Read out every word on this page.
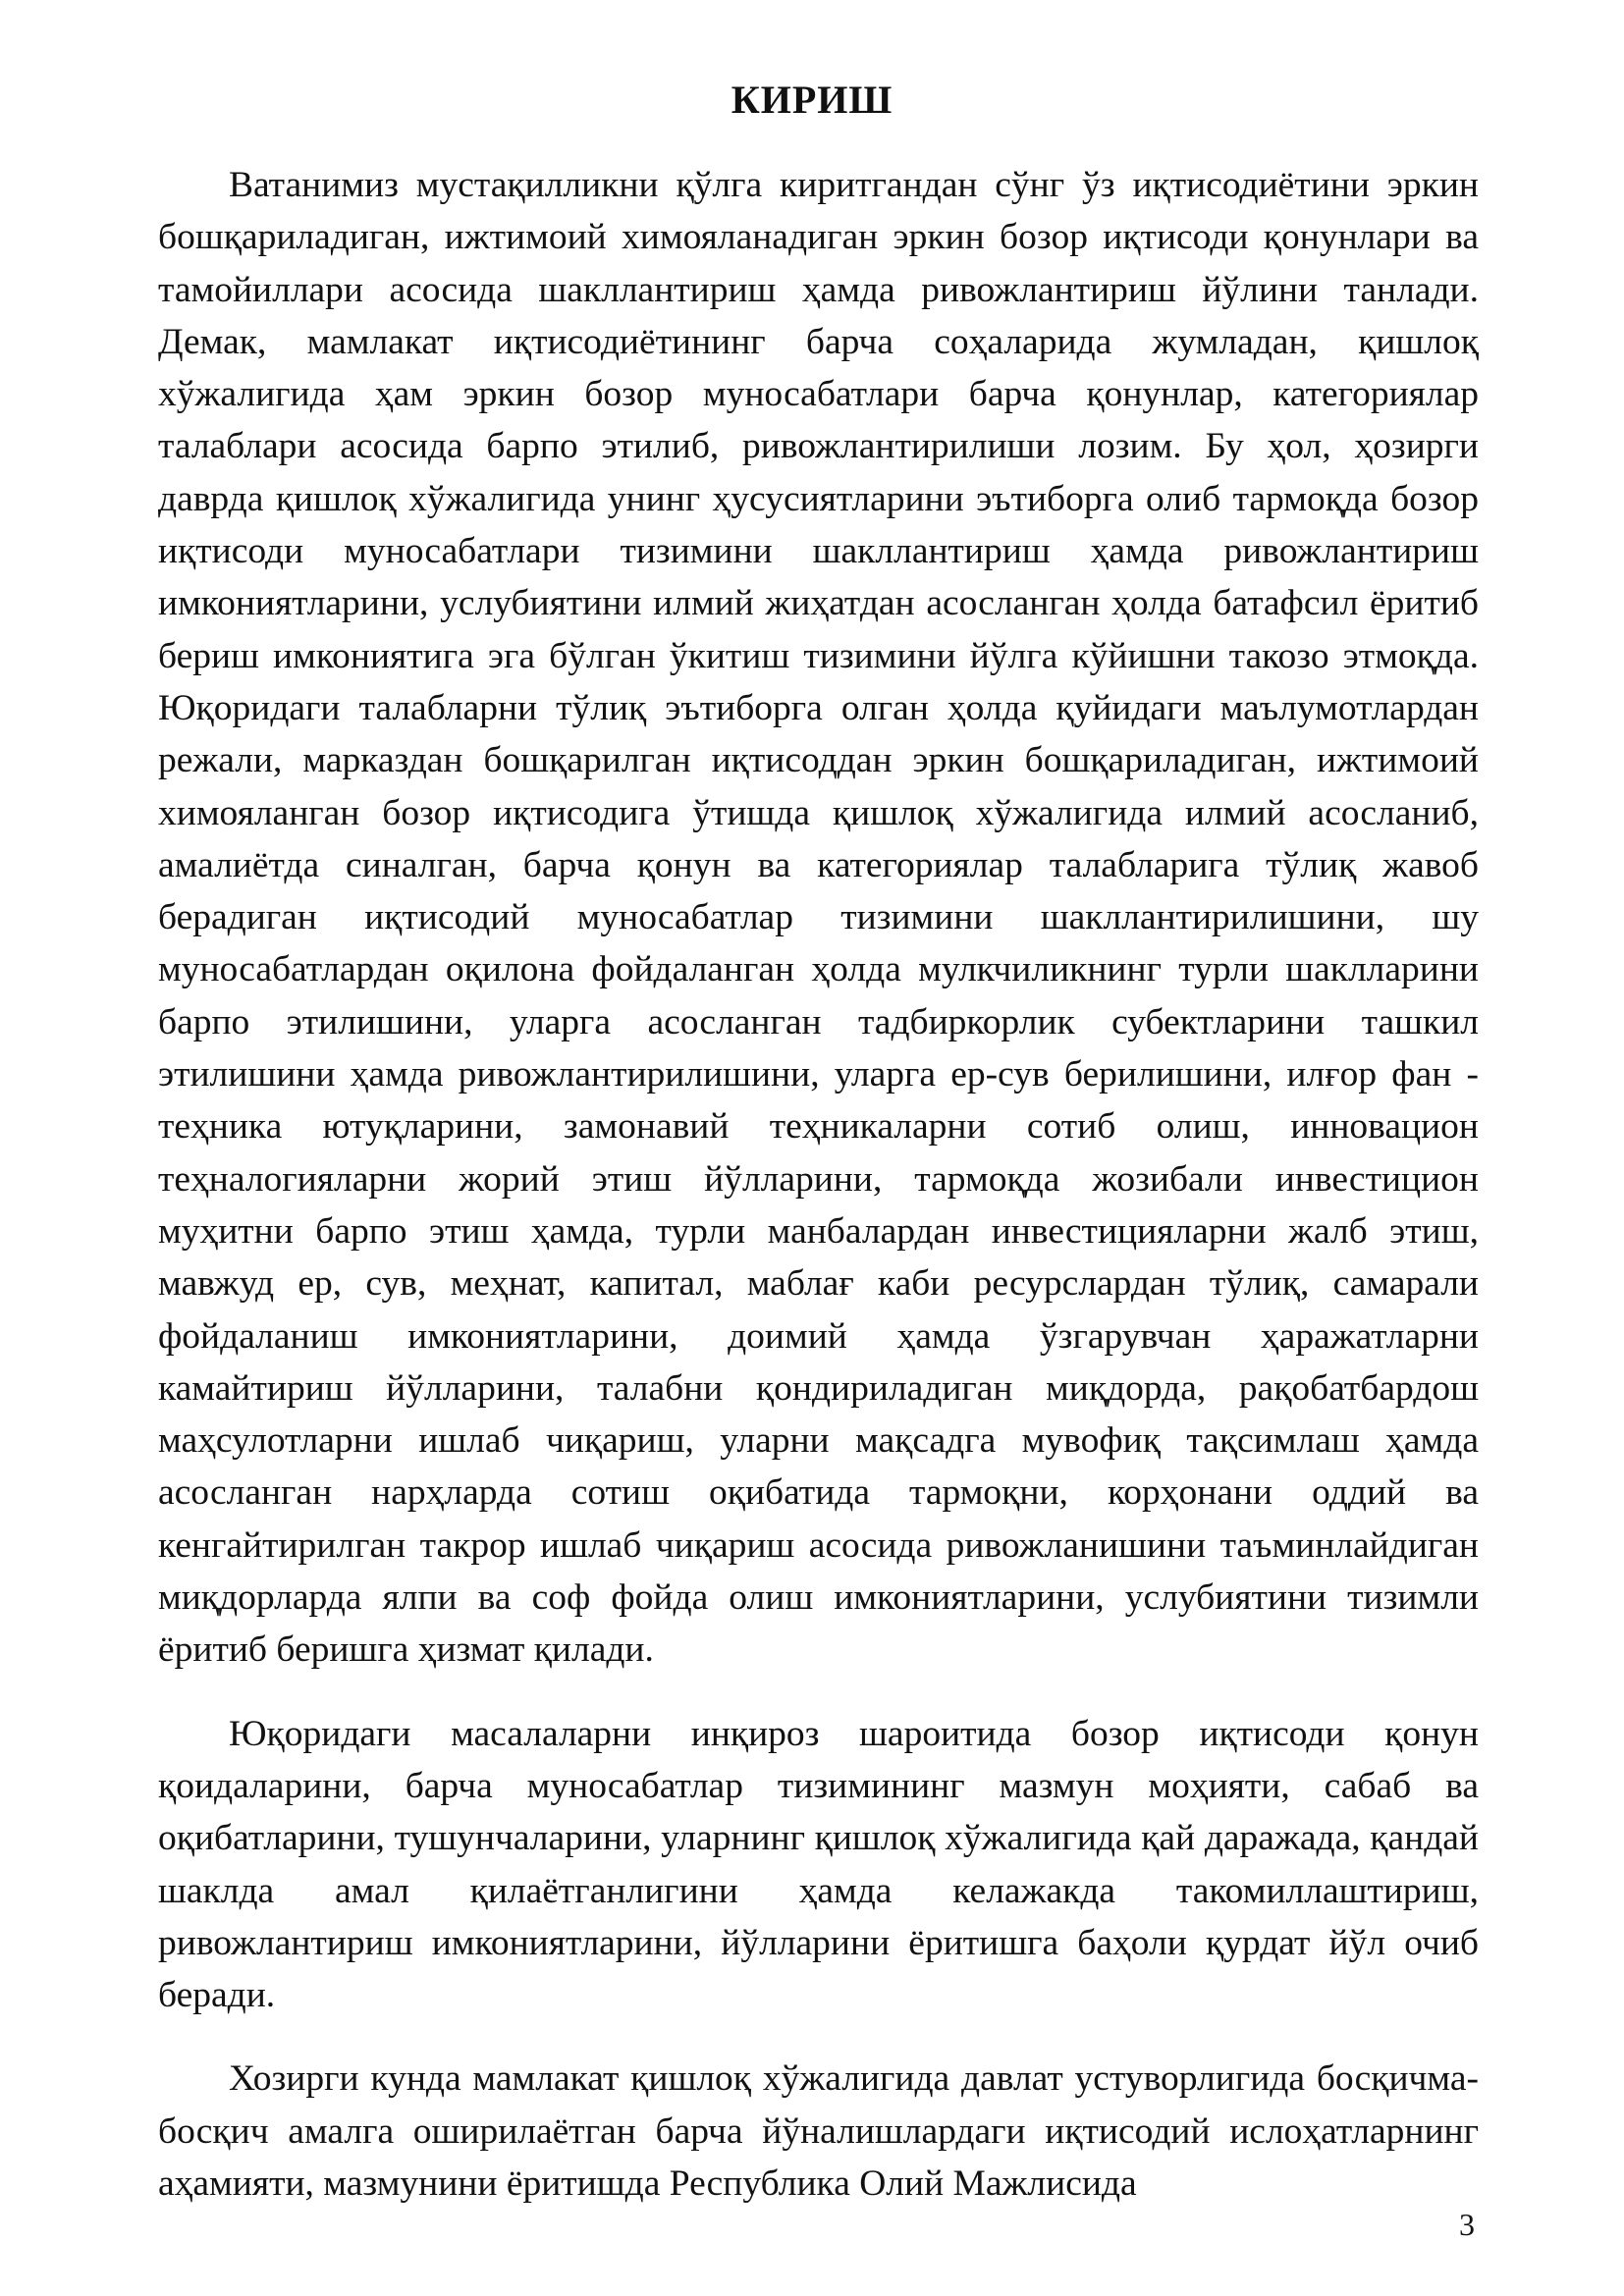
КИРИШ

Ватанимиз мустақилликни қўлга киритгандан сўнг ўз иқтисодиётини эркин бошқариладиган, ижтимоий химояланадиган эркин бозор иқтисоди қонунлари ва тамойиллари асосида шакллантириш ҳамда ривожлантириш йўлини танлади. Демак, мамлакат иқтисодиётининг барча соҳаларида жумладан, қишлоқ хўжалигида ҳам эркин бозор муносабатлари барча қонунлар, категориялар талаблари асосида барпо этилиб, ривожлантирилиши лозим. Бу ҳол, ҳозирги даврда қишлоқ хўжалигида унинг ҳусусиятларини эътиборга олиб тармоқда бозор иқтисоди муносабатлари тизимини шакллантириш ҳамда ривожлантириш имкониятларини, услубиятини илмий жиҳатдан асосланган ҳолда батафсил ёритиб бериш имкониятига эга бўлган ўкитиш тизимини йўлга кўйишни такозо этмоқда. Юқоридаги талабларни тўлиқ эътиборга олган ҳолда қуйидаги маълумотлардан режали, марказдан бошқарилган иқтисоддан эркин бошқариладиган, ижтимоий химояланган бозор иқтисодига ўтишда қишлоқ хўжалигида илмий асосланиб, амалиётда синалган, барча қонун ва категориялар талабларига тўлиқ жавоб берадиган иқтисодий муносабатлар тизимини шакллантирилишини, шу муносабатлардан оқилона фойдаланган ҳолда мулкчиликнинг турли шаклларини барпо этилишини, уларга асосланган тадбиркорлик субектларини ташкил этилишини ҳамда ривожлантирилишини, уларга ер-сув берилишини, илғор фан - теҳника ютуқларини, замонавий теҳникаларни сотиб олиш, инновацион теҳналогияларни жорий этиш йўлларини, тармоқда жозибали инвестицион муҳитни барпо этиш ҳамда, турли манбалардан инвестицияларни жалб этиш, мавжуд ер, сув, меҳнат, капитал, маблағ каби ресурслардан тўлиқ, самарали фойдаланиш имкониятларини, доимий ҳамда ўзгарувчан ҳаражатларни камайтириш йўлларини, талабни қондириладиган миқдорда, рақобатбардош маҳсулотларни ишлаб чиқариш, уларни мақсадга мувофиқ тақсимлаш ҳамда асосланган нарҳларда сотиш оқибатида тармоқни, корҳонани оддий ва кенгайтирилган такрор ишлаб чиқариш асосида ривожланишини таъминлайдиган миқдорларда ялпи ва соф фойда олиш имкониятларини, услубиятини тизимли ёритиб беришга ҳизмат қилади.

Юқоридаги масалаларни инқироз шароитида бозор иқтисоди қонун қоидаларини, барча муносабатлар тизимининг мазмун моҳияти, сабаб ва оқибатларини, тушунчаларини, уларнинг қишлоқ хўжалигида қай даражада, қандай шаклда амал қилаётганлигини ҳамда келажакда такомиллаштириш, ривожлантириш имкониятларини, йўлларини ёритишга баҳоли қурдат йўл очиб беради.

Хозирги кунда мамлакат қишлоқ хўжалигида давлат устуворлигида босқичма-босқич амалга оширилаётган барча йўналишлардаги иқтисодий ислоҳатларнинг аҳамияти, мазмунини ёритишда Республика Олий Мажлисида

3
